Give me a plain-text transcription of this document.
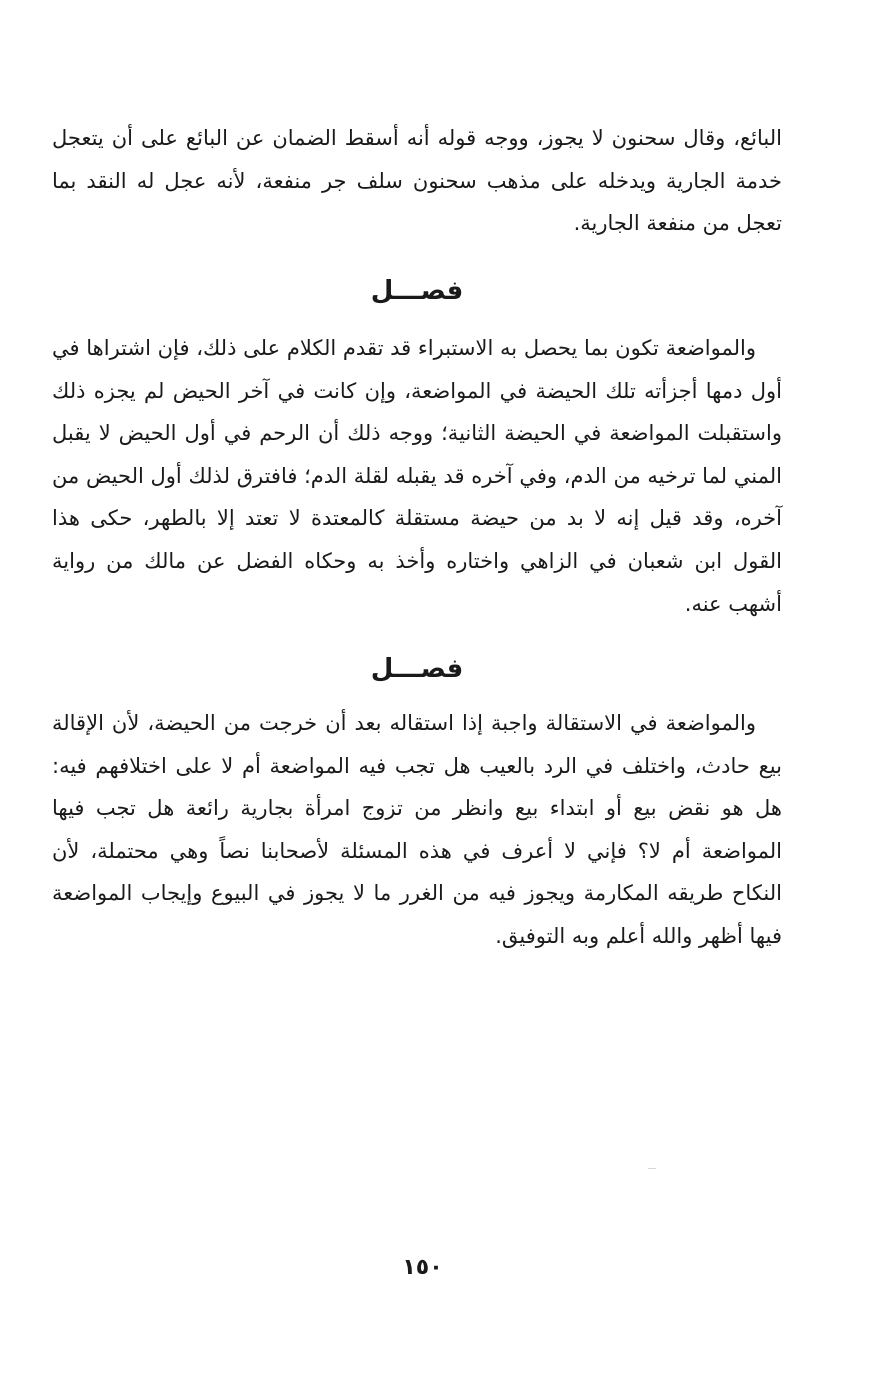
البائع، وقال سحنون لا يجوز، ووجه قوله أنه أسقط الضمان عن البائع على أن يتعجل خدمة الجارية ويدخله على مذهب سحنون سلف جر منفعة، لأنه عجل له النقد بما تعجل من منفعة الجارية.

فصـــل

والمواضعة تكون بما يحصل به الاستبراء قد تقدم الكلام على ذلك، فإن اشتراها في أول دمها أجزأته تلك الحيضة في المواضعة، وإن كانت في آخر الحيض لم يجزه ذلك واستقبلت المواضعة في الحيضة الثانية؛ ووجه ذلك أن الرحم في أول الحيض لا يقبل المني لما ترخيه من الدم، وفي آخره قد يقبله لقلة الدم؛ فافترق لذلك أول الحيض من آخره، وقد قيل إنه لا بد من حيضة مستقلة كالمعتدة لا تعتد إلا بالطهر، حكى هذا القول ابن شعبان في الزاهي واختاره وأخذ به وحكاه الفضل عن مالك من رواية أشهب عنه.

فصـــل

والمواضعة في الاستقالة واجبة إذا استقاله بعد أن خرجت من الحيضة، لأن الإقالة بيع حادث، واختلف في الرد بالعيب هل تجب فيه المواضعة أم لا على اختلافهم فيه: هل هو نقض بيع أو ابتداء بيع وانظر من تزوج امرأة بجارية رائعة هل تجب فيها المواضعة أم لا؟ فإني لا أعرف في هذه المسئلة لأصحابنا نصاً وهي محتملة، لأن النكاح طريقه المكارمة ويجوز فيه من الغرر ما لا يجوز في البيوع وإيجاب المواضعة فيها أظهر والله أعلم وبه التوفيق.

١٥٠
